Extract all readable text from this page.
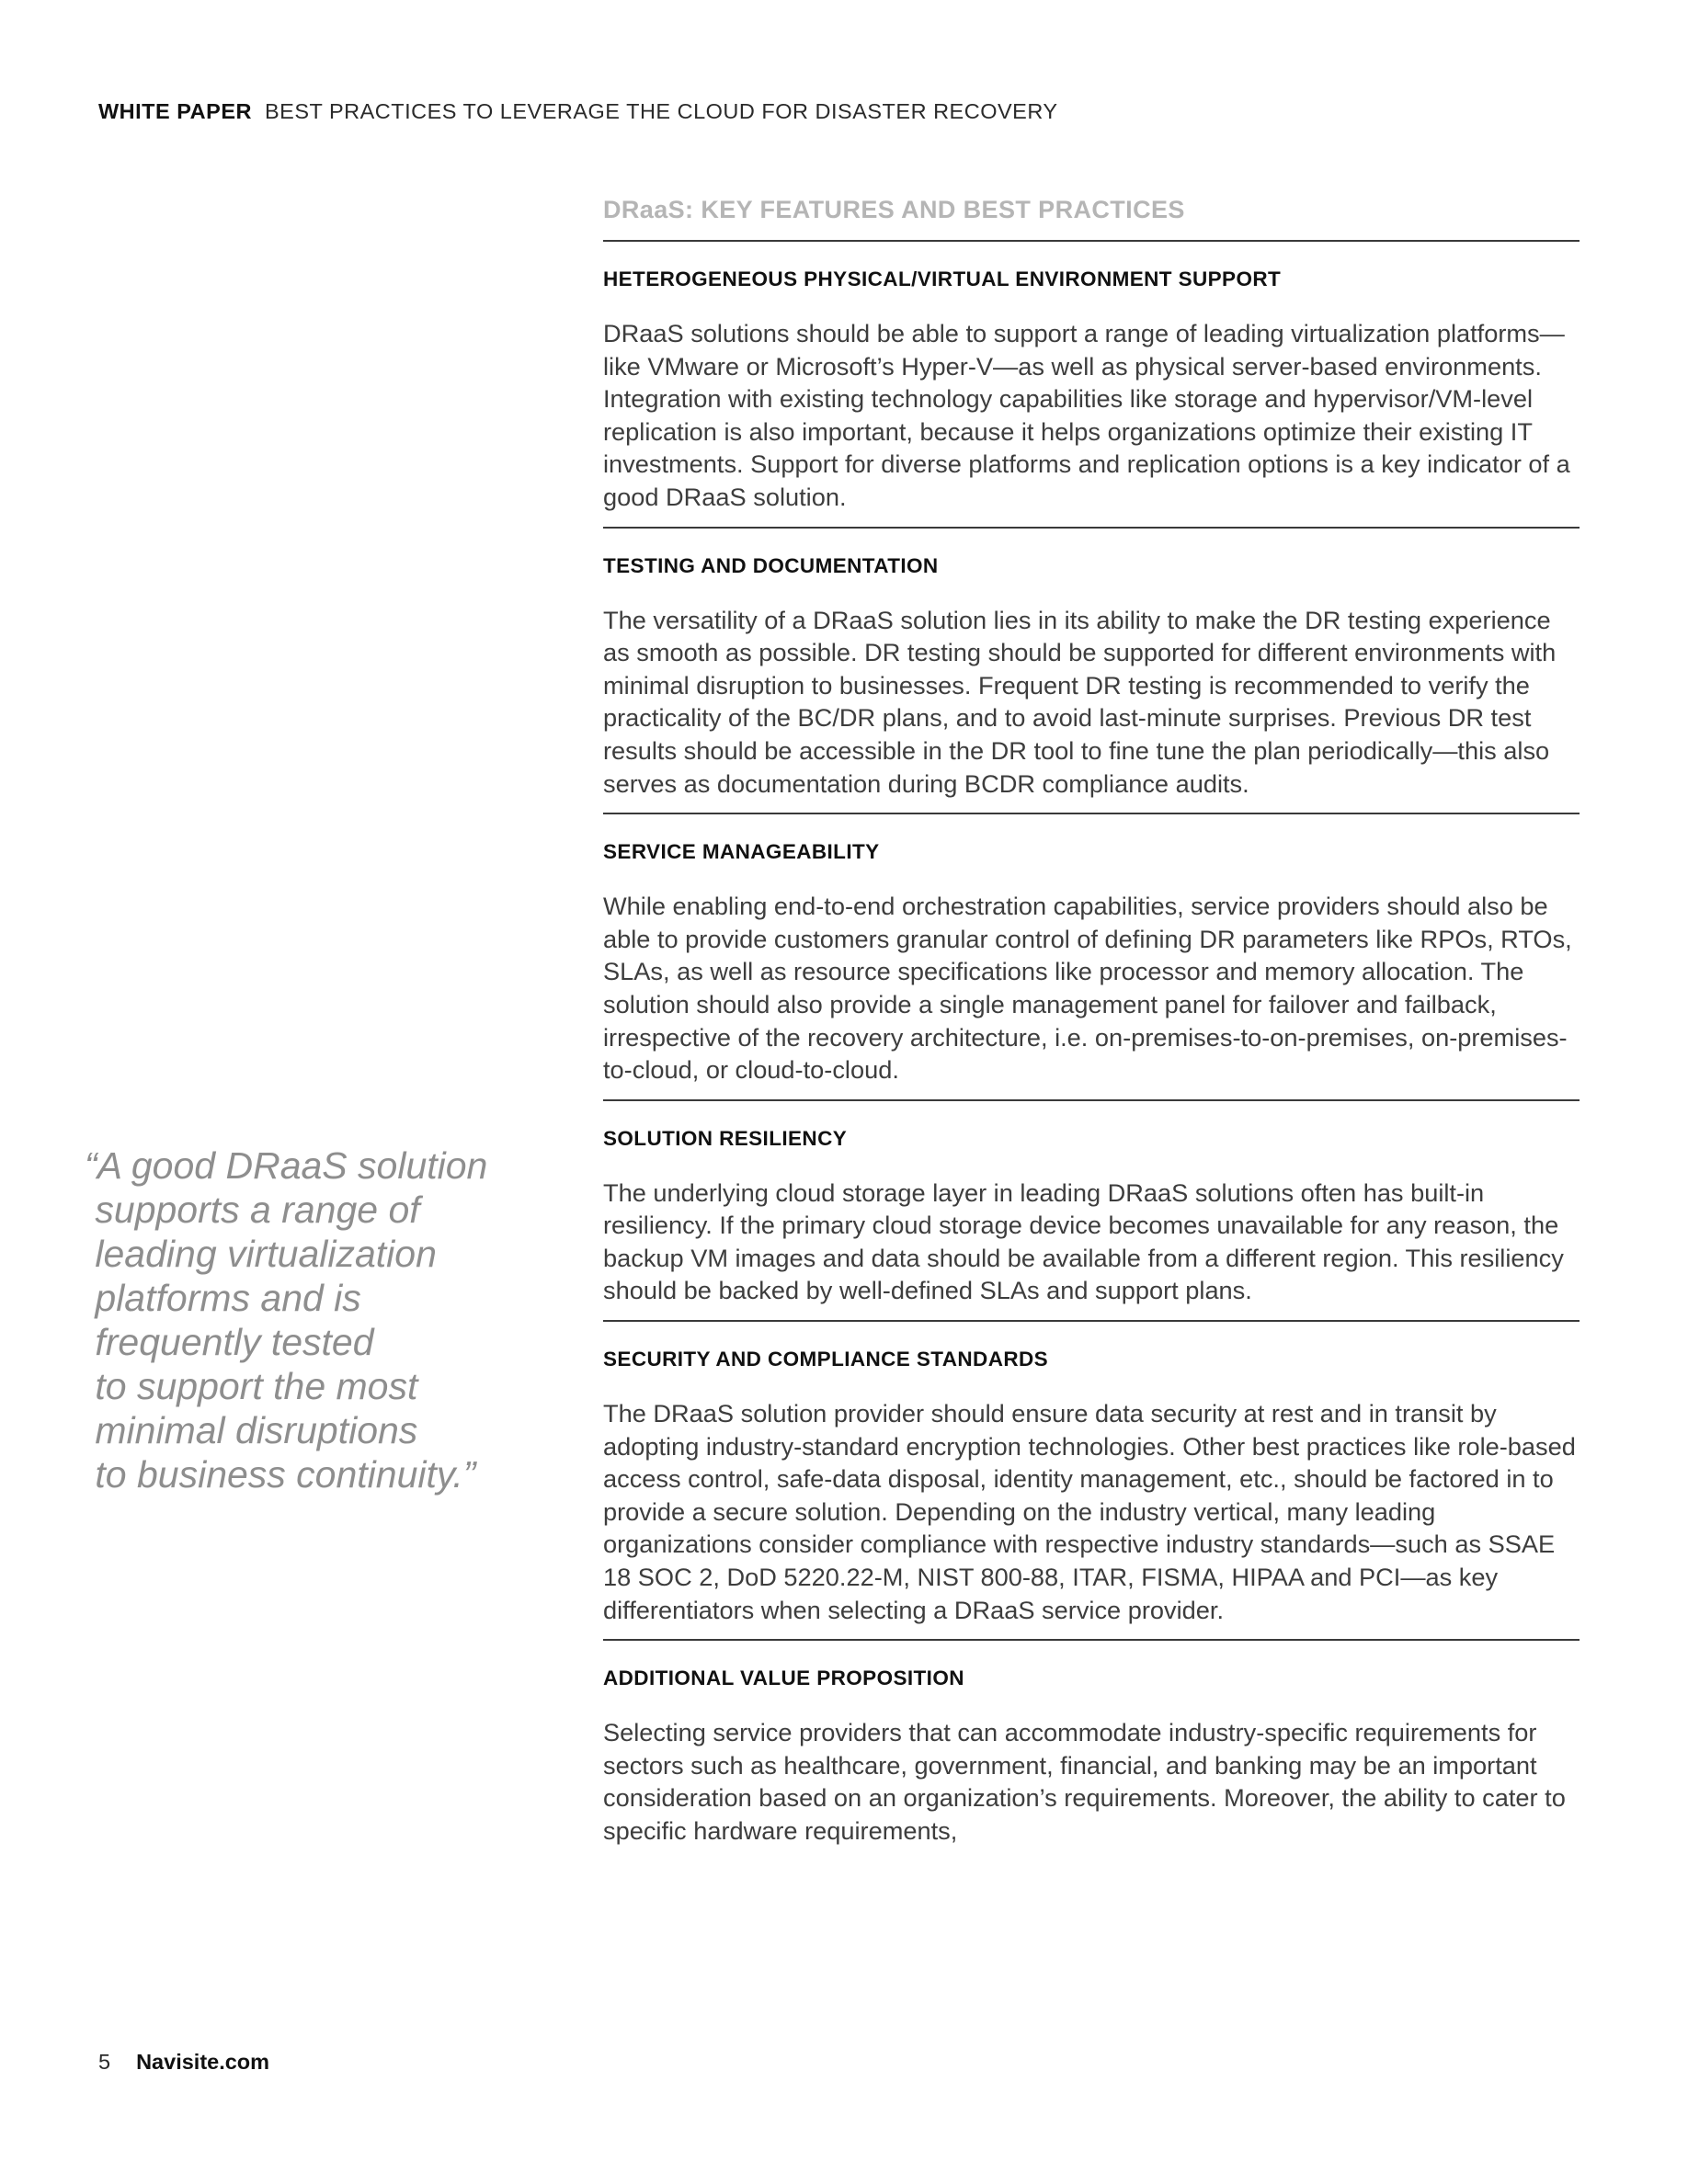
WHITE PAPER BEST PRACTICES TO LEVERAGE THE CLOUD FOR DISASTER RECOVERY
“A good DRaaS solution
supports a range of
leading virtualization
platforms and is
frequently tested
to support the most
minimal disruptions
to business continuity.”
DRaaS: KEY FEATURES AND BEST PRACTICES
HETEROGENEOUS PHYSICAL/VIRTUAL ENVIRONMENT SUPPORT

DRaaS solutions should be able to support a range of leading virtualization platforms—like VMware or Microsoft’s Hyper-V—as well as physical server-based environments. Integration with existing technology capabilities like storage and hypervisor/VM-level replication is also important, because it helps organizations optimize their existing IT investments. Support for diverse platforms and replication options is a key indicator of a good DRaaS solution.

TESTING AND DOCUMENTATION

The versatility of a DRaaS solution lies in its ability to make the DR testing experience as smooth as possible. DR testing should be supported for different environments with minimal disruption to businesses. Frequent DR testing is recommended to verify the practicality of the BC/DR plans, and to avoid last-minute surprises. Previous DR test results should be accessible in the DR tool to fine tune the plan periodically—this also serves as documentation during BCDR compliance audits.

SERVICE MANAGEABILITY

While enabling end-to-end orchestration capabilities, service providers should also be able to provide customers granular control of defining DR parameters like RPOs, RTOs, SLAs, as well as resource specifications like processor and memory allocation. The solution should also provide a single management panel for failover and failback, irrespective of the recovery architecture, i.e. on-premises-to-on-premises, on-premises-to-cloud, or cloud-to-cloud.

SOLUTION RESILIENCY

The underlying cloud storage layer in leading DRaaS solutions often has built-in resiliency. If the primary cloud storage device becomes unavailable for any reason, the backup VM images and data should be available from a different region. This resiliency should be backed by well-defined SLAs and support plans.

SECURITY AND COMPLIANCE STANDARDS

The DRaaS solution provider should ensure data security at rest and in transit by adopting industry-standard encryption technologies. Other best practices like role-based access control, safe-data disposal, identity management, etc., should be factored in to provide a secure solution. Depending on the industry vertical, many leading organizations consider compliance with respective industry standards—such as SSAE 18 SOC 2, DoD 5220.22-M, NIST 800-88, ITAR, FISMA, HIPAA and PCI—as key differentiators when selecting a DRaaS service provider.

ADDITIONAL VALUE PROPOSITION

Selecting service providers that can accommodate industry-specific requirements for sectors such as healthcare, government, financial, and banking may be an important consideration based on an organization’s requirements. Moreover, the ability to cater to specific hardware requirements,

5 Navisite.com
